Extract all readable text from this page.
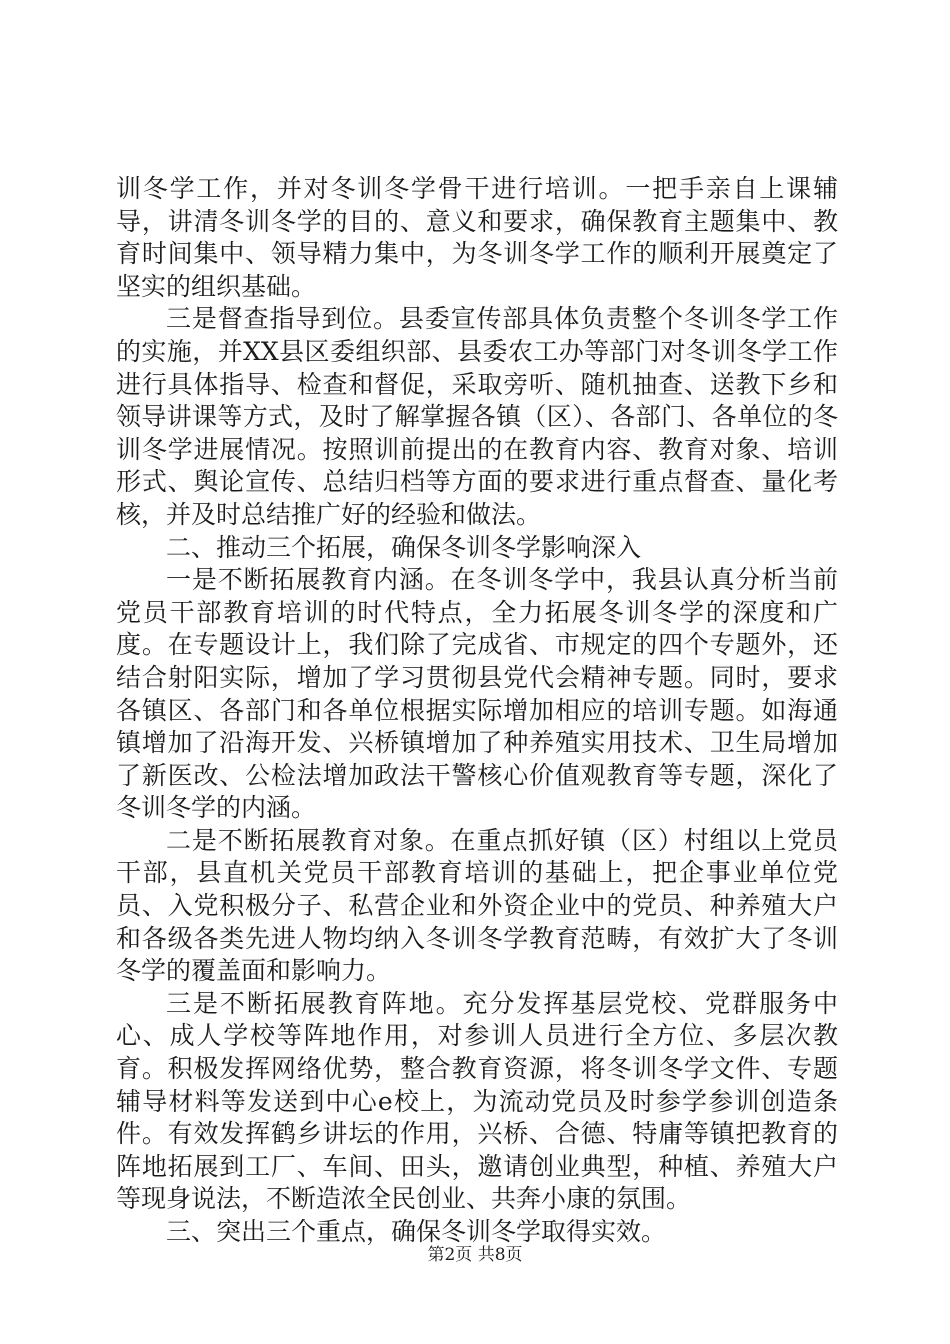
训冬学工作，并对冬训冬学骨干进行培训。一把手亲自上课辅导，讲清冬训冬学的目的、意义和要求，确保教育主题集中、教育时间集中、领导精力集中，为冬训冬学工作的顺利开展奠定了坚实的组织基础。

三是督查指导到位。县委宣传部具体负责整个冬训冬学工作的实施，并XX县区委组织部、县委农工办等部门对冬训冬学工作进行具体指导、检查和督促，采取旁听、随机抽查、送教下乡和领导讲课等方式，及时了解掌握各镇（区）、各部门、各单位的冬训冬学进展情况。按照训前提出的在教育内容、教育对象、培训形式、舆论宣传、总结归档等方面的要求进行重点督查、量化考核，并及时总结推广好的经验和做法。

二、推动三个拓展，确保冬训冬学影响深入

一是不断拓展教育内涵。在冬训冬学中，我县认真分析当前党员干部教育培训的时代特点，全力拓展冬训冬学的深度和广度。在专题设计上，我们除了完成省、市规定的四个专题外，还结合射阳实际，增加了学习贯彻县党代会精神专题。同时，要求各镇区、各部门和各单位根据实际增加相应的培训专题。如海通镇增加了沿海开发、兴桥镇增加了种养殖实用技术、卫生局增加了新医改、公检法增加政法干警核心价值观教育等专题，深化了冬训冬学的内涵。

二是不断拓展教育对象。在重点抓好镇（区）村组以上党员干部，县直机关党员干部教育培训的基础上，把企事业单位党员、入党积极分子、私营企业和外资企业中的党员、种养殖大户和各级各类先进人物均纳入冬训冬学教育范畴，有效扩大了冬训冬学的覆盖面和影响力。

三是不断拓展教育阵地。充分发挥基层党校、党群服务中心、成人学校等阵地作用，对参训人员进行全方位、多层次教育。积极发挥网络优势，整合教育资源，将冬训冬学文件、专题辅导材料等发送到中心e校上，为流动党员及时参学参训创造条件。有效发挥鹤乡讲坛的作用，兴桥、合德、特庸等镇把教育的阵地拓展到工厂、车间、田头，邀请创业典型，种植、养殖大户等现身说法，不断造浓全民创业、共奔小康的氛围。

三、突出三个重点，确保冬训冬学取得实效。

第2页 共8页
